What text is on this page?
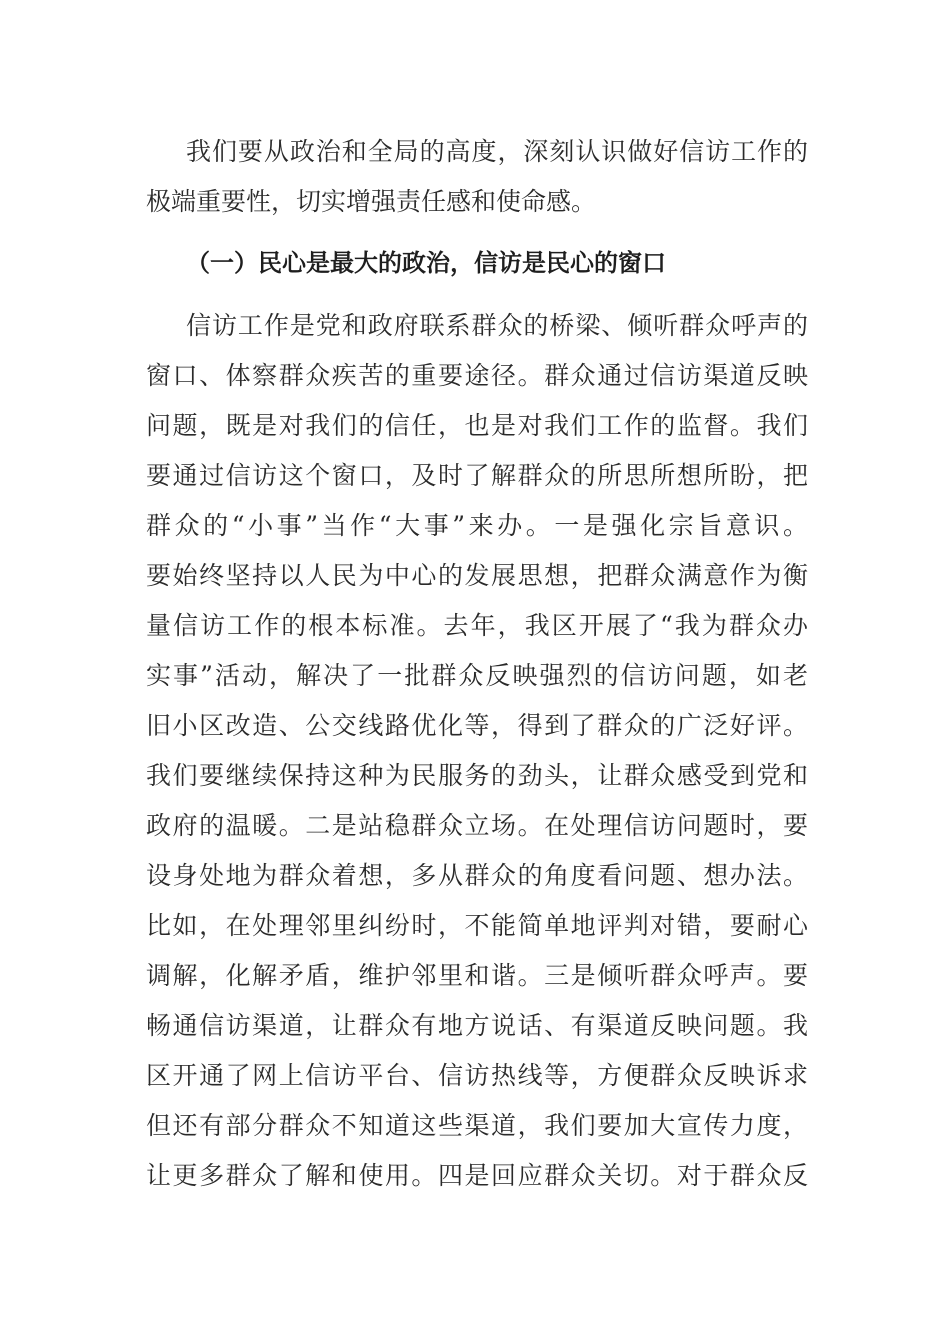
我们要从政治和全局的高度，深刻认识做好信访工作的
极端重要性，切实增强责任感和使命感。
（一）民心是最大的政治，信访是民心的窗口
信访工作是党和政府联系群众的桥梁、倾听群众呼声的
窗口、体察群众疾苦的重要途径。群众通过信访渠道反映
问题，既是对我们的信任，也是对我们工作的监督。我们
要通过信访这个窗口，及时了解群众的所思所想所盼，把
群众的“小事”当作“大事”来办。一是强化宗旨意识。
要始终坚持以人民为中心的发展思想，把群众满意作为衡
量信访工作的根本标准。去年，我区开展了“我为群众办
实事”活动，解决了一批群众反映强烈的信访问题，如老
旧小区改造、公交线路优化等，得到了群众的广泛好评。
我们要继续保持这种为民服务的劲头，让群众感受到党和
政府的温暖。二是站稳群众立场。在处理信访问题时，要
设身处地为群众着想，多从群众的角度看问题、想办法。
比如，在处理邻里纠纷时，不能简单地评判对错，要耐心
调解，化解矛盾，维护邻里和谐。三是倾听群众呼声。要
畅通信访渠道，让群众有地方说话、有渠道反映问题。我
区开通了网上信访平台、信访热线等，方便群众反映诉求
但还有部分群众不知道这些渠道，我们要加大宣传力度，
让更多群众了解和使用。四是回应群众关切。对于群众反
